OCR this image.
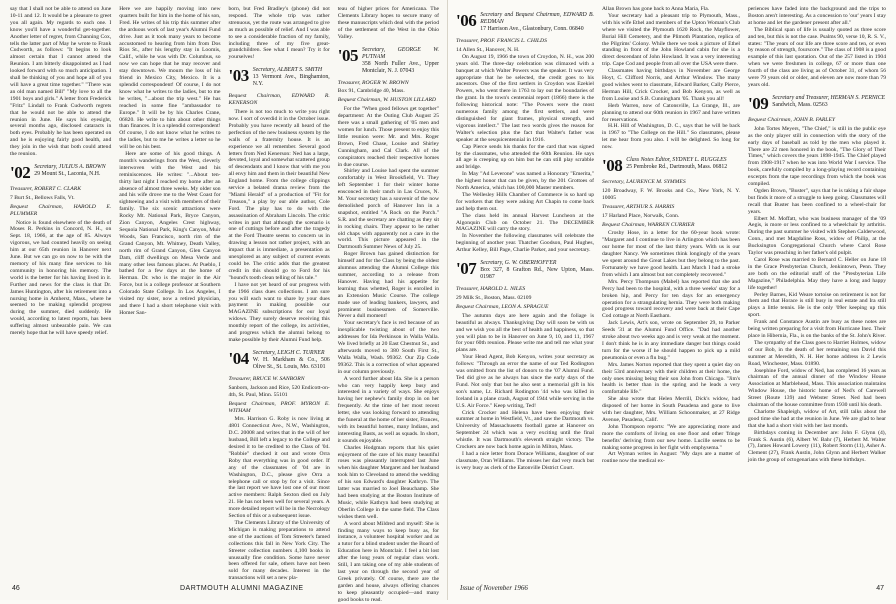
say that I shall not be able to attend on June 10-11 and 12. It would be a pleasure to greet you all again. My regards to each one. I know you'll have a wonderful get-together. Another letter of regret, from Channing Cox, tells the latter part of May he wrote to Frank Cudworth, as follows: "It begins to look almost certain that I cannot attend the Reunion. I am bitterly disappointed as I had looked forward with so much anticipation. I shall be thinking of you and hope all of you will have a great time together." "There was an old man named Bill" "My love to all the 1901 boys and girls." A letter from Frederick "Fritz" Lindall to Frank Cudworth regrets that he would not be able to attend the reunion in June. He says his eyesight, several months ago, disclosed cataracts in both eyes. Probably he has been operated on and he is enjoying fairly good health, and they join in the wish that both could attend the reunion.

'02 Secretary, JULIUS A. BROWN
29 Mount St., Laconia, N.H.
Treasurer, ROBERT C. CLARK
7 Burt St., Bellows Falls, Vt.
Bequest Chairman, HAROLD E. PLUMMER

Notice is found elsewhere of the death of Moses R. Perkins in Concord, N. H., on Sept. 18, 1966, at the age of 85. Always vigorous, we had counted heavily on seeing him at our 65th reunion in Hanover next June. But we can go on now to be with the memory of his many fine services to his community in honoring his memory. The world is the better for his having lived in it. Further and news for the class is that Dr. James Huntington, after his retirement into a nursing home in Amherst, Mass., where he seemed to be making splendid progress during the summer, died suddenly. He would, according to latest reports, has been suffering almost unbearable pain. We can merely hope that he will have speedy relief.

Here we are happily moving into new quarters built for him in the home of his son, Fred. He writes of his trip this summer after the arduous work of last year's Alumni Fund drive. Just as it took many years to become accustomed to hearing from him from Dos Rios St., after his lengthy stay in Loomis, Calif., while he was with Dr. Columbus, so now we can hope that he may recover and stay downtown. We mourn the loss of his friend in Mexico City, Mexico. It is a splendid correspondent! Of course, I do not know what he writes to the ladies, but to me he writes, "...about the trip west." He has reached in some fine "ambassador to Europe." It will be by his Charles Crane, 06820. He write to him about other things than finances. It is a splendid correspondent! Of course, I do not know what he writes to the ladies, but to me he writes a letter so he will be on his best.

Here are some of his good things. A month's wanderings from the West, cleverly interwoven with the West and his reminiscences. He writes: "...About ten-thirty last night I reached my home after an absence of almost three weeks. My older son and his wife drove me to the West Coast for sightseeing and a visit with members of their family. The six scenic attractions were Rocky Mt. National Park, Bryce Canyon, Zion Canyon, Angeles Crest highway, Sequoia National Park, King's Canyon, Muir Woods, San Francisco, north rim of the Grand Canyon, Mt. Whitney, Death Valley, north rim of Grand Canyon, Glen Canyon Dam, cliff dwellings on Mesa Verde and many other less famous places. At Pueblo, I bathed for a few days at the home of Herman. Dr. who is the major in the Air Force, but is a college professor at Southern Colorado State College. In Los Angeles, I visited my sister, now a retired physician, and there I had a short telephone visit with Homer San-

born, but Fred Bradley's (phone) did not respond. The whole trip was rather strenuous, yet the route was arranged to give as much as possible of relief. And I was able to see a considerable fraction of my family, including three of my five great-grandchildren. See what I mean? Try it for yourselves!

'03 Secretary, ALBERT S. SMITH
13 Vermont Ave., Binghamton, N.Y.
Bequest Chairman, EDWARD R. KENERSON

There is not too much to write you right now. I sort of overdid it in the October issue. Probably you have recently all heard of the perfection of the new business system by the walls of a fraternity house. It is an experience we all remember. Several good letters from Ned Kenerson: Ned has a large, devoted, loyal and somewhat scattered group of descendants and I know that with me you all envy him and them in their beautiful New England home. From the college clippings service a belated drama review from the "Miami Herald" of a production of "Fit for Treason," a play by our able author, Cole Ford. The play has to do with the assassination of Abraham Lincoln. The critic writes in part that although the scenario is one of cuttings before and after the tragedy at the Ford Theatre seems to concern us in drawing a lesson not rather project, with an impact that is immediate, a presentation as unexplored as any subject of current events could be. The critic adds that the greatest credit in this should go to Ford for his "hound's tooth clean telling of his tale."

I have not yet heard of our progress with the 1966 class dues collections. I am sure you will each want to share by your dues payment in making possible our MAGAZINE subscriptions for our loyal widows. They surely deserve receiving this monthly report of the college, its activities, and progress which the alumni belong to make possible by their Alumni Fund help.

'04 Secretary, LEIGH C. TURNER
W. H. Markham & Co., 506 Olive St., St. Louis, Mo. 63101
Treasurer, BRUCE W. SANBORN
Sanborn, Jackson and Rice, 520 Endicott-on-4th, St. Paul, Minn. 55101
Bequest Chairman, PROF. MYRON E. WITHAM

Mrs. Harrison G. Roby is now living at 4801 Connecticut Ave., N.W., Washington, D.C. 20008 and writes that in the will of her husband, Bill left a legacy to the College and desired it to be credited to the Class of '04. "Robbie" checked it out and wrote Orra Roby that everything was in good order. If any of the classmates of '04 are in Washington, D.C., please give Orra a telephone call or stop by for a visit. Since the last report we have lost one of our most active members: Ralph Sexton died on July 21. He has not been well for several years. A more detailed report will be in the Necrology Section of this or a subsequent issue.

The Clements Library of the University of Michigan is making preparations to attend one of the auctions of Tom Streeter's famed collections this fall in New York City. The Streeter collection numbers 4,100 books in unusually fine condition. Some have never been offered for sale, others have not been sold for many decades. Interest in the transactions will set a new pla-

teau of higher prices for Americana. The Clements Library hopes to secure many of these manuscripts which deal with the period of the settlement of the West in the Ohio Valley.

'05 Secretary, GEORGE W. PUTNAM
358 North Fuller Ave., Upper Montclair, N. J. 07043
Treasurer, ROGER W. BROWN
Box 91, Cambridge 40, Mass.
Bequest Chairman, W. HUSTON LILLARD

For the "When good fellows get together" department: At the Outing Club August 25 there was a small gathering of '05 men and women for lunch. Those present to enjoy this little reunion were: Mr. and Mrs. Roger Brown, Fred Chase, Louise and Shirley Cunningham, and Cal Clark. All of the conspirators reached their respective homes in due course.

Shirley and Louise had spent the summer comfortably in West Brookfield, Vt. They left September 1 for their winter home ensconced in their ranch in Las Cruces, N. M. Your secretary has a souvenir of the now demolished porch of Hanover Inn in a snapshot, entitled "A Rock on the Porch." S.R. and the secretary are chatting as they sit in rocking chairs. They appear to be rather old chaps with apparently not a care in the world. This picture appeared in the Dartmouth Summer News of July 25.

Roger Brown has gained distinction for himself and for the Class by being the oldest alumnus attending the Alumni College this summer, according to a release from Hanover. Having had his appetite for learning thus whetted, Roger is enrolled in an Extension Music Course. The college made use of leading bankers, lawyers, and prominent businessmen of Somerville. Never a dull moment!

Your secretary's face is red because of an inexplicable twisting about of the two addresses for Ida Perkinson in Walla Walla. We lived briefly at 20 East Chestnut St., and afterwards moved to 380 South First St., Walla Walla, Wash. 99362. Our Zip Code 99362. This is a correction of what appeared in our column previously.

A word further about Ida. She is a person who can very happily keep busy and interested in a variety of ways. She enjoys having her nephew's family drop in on her frequently. At the time of her most recent letter, she was looking forward to attending the funeral at the home of her sister, Frances, with its beautiful homes, many Indians, and interesting Basts, as well as squads. In short, it sounds enjoyable.

Charles Hodgman reports that his quiet enjoyment of the care of his many beautiful roses was pleasantly interrupted last June when his daughter Margaret and her husband took him to Cleveland to attend the wedding of his son Edward's daughter Kathryn. The latter was married to Joel Beauchamp. She had been studying at the Boston Institute of Music, while Kathryn had been studying at Oberlin College in the same field. The Class wishes them well.

A word about Mildred and myself: She is finding many ways to keep busy as, for instance, a volunteer hospital worker and as a tutor for a blind student under the Board of Education here in Montclair. I feel a bit lost after the long years of regular class work. Still, I am taking one of my able students of last year on through the second year of Greek privately. Of course, there are the garden and house, always offering chances to keep pleasantly occupied—and many good books to read.

46	DARTMOUTH ALUMNI MAGAZINE
'06 Secretary and Bequest Chairman, EDWARD B. REDMAN
17 Harrison Ave., Glastonbury, Conn. 06840
Treasurer, PROF. FRANCIS L. CHILDS
14 Allen St., Hanover, N. H.

On August 19, 1966 the town of Croydon, N. H., was 200 years old. The three-day celebration was climaxed with a banquet at which Walter Powers was the speaker. It was very appropriate that he be selected, the credit goes to his ancestors. One of the first settlers in Croydon was Ezekiel Powers, who went there in 1763 to lay out the boundaries of the grant. In the town's centennial report (1866) there is the following historical note: "The Powers were the most numerous family among the first settlers, and were distinguished for giant frames, physical strength, and vigorous intellect." The last two words gives the reason for Walter's selection plus the fact that Walter's father was speaker at the sesquicentennial in 1916.

Cap Pierce sends his thanks for the card that was signed by the classmates, who attended the 60th Reunion. He says all age is creeping up on him but he can still play scrabble and bridge.

In May "Ad Leverone" was named a Honorary "Emerita," the highest honor that can be given, by the 201 Grottoes of North America, which has 100,000 Master members.

The Wellesley Hills Chamber of Commerce is so hard up for workers that they were asking Art Chapin to come back and help them out.

The class held its annual Harvest Luncheon at the Algonquin Club on October 21. The DECEMBER MAGAZINE will carry the story.

In November the following classmates will celebrate the beginning of another year. Thatcher Goodson, Paul Hughes, Arthur Kelley, Bill Page, Charlie Parker, and your secretary.

'07 Secretary, G. W. OBERHOFFER
Box 327, 8 Grafton Rd., New Upton, Mass. 01987
Treasurer, HAROLD L. NILES
29 Milk St., Boston, Mass. 02109
Bequest Chairman, LEON A. SPRAGUE

The autumn days are here again and the foliage is beautiful as always. Thanksgiving Day will soon be with us and we wish you all the best of health and happiness, so that you will plan to be in Hanover on June 9, 10, and 11, 1967 for your 60th reunion. Please write me and tell me what your plans are.

Your Head Agent, Bob Kenyon, writes your secretary as follows: "Through an error the name of our Ted Rodington was omitted from the list of donors to the '07 Alumni Fund. Ted did give as he always has since the early days of the Fund. Not only that but he also sent a memorial gift in his son's name, Lt. Richard Rodington '44 who was killed in Iceland in a plane crash, August of 1944 while serving in the U.S. Air Force." Keep writing, Ted!

Crick Crocker and Helena have been enjoying their summer at home in Westfield, Vt., and saw the Dartmouth vs. University of Massachusetts football game at Hanover on September 24 which was a very exciting until the final whistle. It was Dartmouth's eleventh straight victory. The Crockers are now back home again in Milton, Mass.

I had a nice letter from Dorace Williams, daughter of our classmate, Oran Williams. The misses her dad very much but is very busy as clerk of the Eatonville District Court.

Allan Brown has gone back to Anna Maria, Fla.

Your secretary had a pleasant trip to Plymouth, Mass., with his wife Ethel and members of the Upton Woman's Club where we visited the Plymouth 1620 Rock, the Mayflower, Burial Hill Cemetery, and the Plimoth Plantation, replica of the Pilgrims' Colony. While there we took a picture of Ethel standing in front of the John Howland cabin for she is a direct descendant of John Howland. It was a very interesting trip. Cape Cod and people from all over the USA were there.

Classmates having birthdays in November are George Hoyt, C. Clifford Norris, and Arthur Winslow. The many good wishes went to classmate, Edward Barker, Cally Pierce, Herman Hill, Crick Crocker, and Bob Kenyon, as well as from Louise and S.B. Cunningham '05. Thank you all!

Herb Warren, now of Catonsville, La Grange, Ill., are planning to attend our 60th reunion in 1967 and have written for reservations.

H.H. Hill of Washington, D. C., says that he will be back in 1967 to "The College on the Hill." So classmates, please let me hear from you also. I will be delighted. So long for now.

'08 Class Notes Editor, SYDNEY L. RUGGLES
25 Pembroke Rd., Dartmouth, Mass. 06812
Secretary, LAURENCE M. SYMMES
120 Broadway, F. W. Brooks and Co., New York, N. Y. 10005
Treasurer, ARTHUR S. HARRIS
17 Harland Place, Norwalk, Conn.
Bequest Chairman, WARREN CURRIER

Crosby Hose, in a letter for the 60-year book wrote: "Margaret and I continue to live in Arlington which has been our home for most of the last thirty years. With us is our daughter Nancy. We sometimes think longingly of the years we spent around the Great Lakes but they belong to the past. Fortunately we have good health. Last March I had a stroke from which I am almost but not completely recovered."

Mrs. Percy Thompson (Mabel) has reported that she and Percy had been to the hospital, with a three weeks' stay for a broken hip, and Percy for ten days for an emergency operation for a strangulating hernia. They were both making good progress toward recovery and were back at their Cape Cod cottage at North Eastham.

Jack Lewis, Art's son, wrote on September 29, to Parker Seeds '31 at the Alumni Fund Office. "Dad had another stroke about two weeks ago and is very weak at the moment. I don't think he is in any immediate danger but things could turn for the worse if he should happen to pick up a mild pneumonia or even a flu bug."

Mrs. James Norton reported that they spent a quiet day on their 53rd anniversary with their children at their home, the only ones missing being their son John from Chicago. "Jim's health is better than in the spring and he leads a very comfortable life."

She also wrote that Helen Merrill, Dick's widow, had disposed of her home in South Pasadena and gone to live with her daughter, Mrs. William Schoonmaker, at 27 Ridge Avenue, Pasadena, Calif.

John Thompson reports: "We are appreciating more and more the comforts of living on one floor and other 'fringe benefits' deriving from our new home. Lucille seems to be making some progress in her fight with emphysema."

Art Wyman writes in August: "My days are a matter of routine now the medical ex-

periences have faded into the background and the trips to Boston aren't interesting. As a concession to 'our' years I stay at home and let the gardener present after all."

The Biblical span of life is usually quoted as three score and ten, but this is not the case. Psalms 90, verse 10, R. S. V., states: "The years of our life are three score and ten, or even by reason of strength, fourscore." The class of 1908 is a good example of this last quotation. Out of the 257 listed in 1904 when we were freshmen in college, 67 or more than one fourth of the class are living as of October 31, of whom 56 were 79 years old or older, and eleven are now more than 79 years old.

'09 Secretary and Treasurer, HERMAN S. PERNICE
Sandwich, Mass. 02563
Bequest Chairman, JOHN B. FARLEY

John Tortes Meyers, "The Chief," is still in the public eye as the only player still in connection with the story of the early days of baseball as told by the men who played it. There are 22 men honored in the book, "The Glory of Their Times," which covers the years 1898-1945. The Chief played from 1908-1917 when he was into World War I service. The book, carefully compiled by a long-playing record containing excerpts from the tape recordings from which the book was compiled.

Ogden Brown, "Buster", says that he is taking a fair shape but finds it more of a struggle to keep going. Classmates will recall that Buster has been confined to a wheel-chair for years.

Elbert M. Moffatt, who was business manager of the '09 Aegis, is more or less confined to a wheelchair by arthritis. During the past summer he visited with Stephen Calderwood, Conn., and met Magdaline Ross, widow of Philip, at the Bucksington Congregational Church where Carol Rose Taylor was preaching in her father's old pulpit.

Carol Rose was married to Bernard C. Heller on June 18 in the Grace Presbyterian Church, Jenkintown, Penn. They are both on the editorial staff of the "Presbyterian Life Magazine," Philadelphia. May they have a long and happy life together!

Perley Barnes, Kid Weare tortoise on retirement is not for them and that Horace is still busy in real estate and Ira still plays a little tennis. He is the only '09er keeping up this sport.

Frank and Constance Austin are busy as these notes are being written preparing for a visit from Hurricane Inez. Their place in Hibernia, Fla., is on the banks of the St. John's River.

The sympathy of the Class goes to Harriet Holmes, widow of our Bob, in the death of her remaining son David this summer at Meredith, N. H. Her home address is 2 Lewis Road, Winchester, Mass. 01890.

Josephine Ford, widow of Ned, has completed 16 years as chairman of the annual dinner of the Window House Association at Marblehead, Mass. This association maintains Window House, the historic home of Ned's of Carewell Street (Route 139) and Webster Street. Ned had been chairman of the house committee from 1930 until his death.

Charlotte Shapleigh, widow of Art, still talks about the good time she had at the reunion in June. We are glad to hear that she had a short visit with her last month.

Birthdays coming in December are: John F. Glynn (4), Frank S. Austin (6), Albert W. Bahr (7), Herbert M. Walter (7), James Howard Lowery (11), Robert Storm (11), Asher A. Clement (27), Frank Austin, John Glynn and Herbert Walker join the group of octogenarians with these birthdays.

Issue of November 1966	47
